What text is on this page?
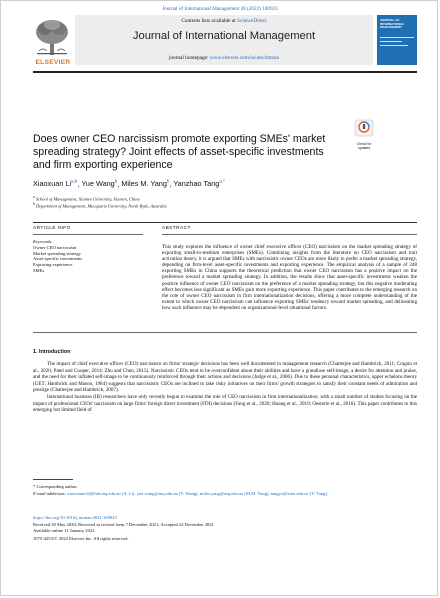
Journal of International Management 28 (2022) 100923
ELSEVIER
Contents lists available at ScienceDirect
Journal of International Management
journal homepage: www.elsevier.com/locate/intman
JOURNAL OF INTERNATIONAL MANAGEMENT
Does owner CEO narcissism promote exporting SMEs' market spreading strategy? Joint effects of asset-specific investments and firm exporting experience
Check for updates
Xiaoxuan Li$^{a,b}$, Yue Wang$^b$, Miles M. Yang$^b$, Yanzhao Tang$^{a,*}$
$^a$ School of Management, Xiamen University, Xiamen, China
$^b$ Department of Management, Macquarie University, North Ryde, Australia
ARTICLE INFO	ABSTRACT
Keywords:
Owner CEO narcissism
Market spreading strategy
Asset-specific investments
Exporting experience
SMEs
This study explores the influence of owner chief executive officer (CEO) narcissism on the market spreading strategy of exporting small-to-medium enterprises (SMEs). Combining insights from the literature on CEO narcissism and trait activation theory, it is argued that SMEs with narcissistic owner CEOs are more likely to prefer a market spreading strategy, depending on firm-level asset-specific investments and exporting experience. The empirical analysis of a sample of 248 exporting SMEs in China supports the theoretical prediction that owner CEO narcissism has a positive impact on the preference toward a market spreading strategy. In addition, the results show that asset-specific investments weaken the positive influence of owner CEO narcissism on the preference of a market spreading strategy, but this negative moderating effect becomes less significant as SMEs gain more exporting experience. This paper contributes to the emerging research on the role of owner CEO narcissism in firm internationalization decisions, offering a more complete understanding of the extent to which owner CEO narcissism can influence exporting SMEs' tendency toward market spreading, and delineating how such influence may be dependent on organizational-level situational factors.
1. Introduction

The impact of chief executive officer (CEO) narcissism on firms' strategic decisions has been well documented in management research (Chatterjee and Hambrick, 2011; Cragun et al., 2020; Patel and Cooper, 2014; Zhu and Chen, 2015). Narcissistic CEOs tend to be overconfident about their abilities and have a grandiose self-image, a desire for attention and praise, and the need for their inflated self-image to be continuously reinforced through their actions and decisions (Judge et al., 2006). Due to these personal characteristics, upper echelons theory (UET; Hambrick and Mason, 1984) suggests that narcissistic CEOs are inclined to take risky initiatives on their firms' growth strategies to satisfy their constant needs of admiration and prestige (Chatterjee and Hambrick, 2007).

International business (IB) researchers have only recently begun to examine the role of CEO narcissism in firm internationalization, with a small number of studies focusing on the impact of professional CEOs' narcissism on large firms' foreign direct investment (FDI) decisions (Fang et al., 2020; Huang et al., 2019; Oesterle et al., 2016). This paper contributes to this emerging but limited field of

* Corresponding author.
E-mail addresses: xiaoxuan.li2@hdr.mq.edu.au (X. Li), yue.wang@mq.edu.au (Y. Wang), miles.yang@mq.edu.au (M.M. Yang), tangyz@xmu.edu.cn (Y. Tang).
https://doi.org/10.1016/j.intman.2021.100923
Received 30 May 2020; Received in revised form 7 December 2021; Accepted 22 December 2021
Available online 11 January 2022
1075-4253/© 2022 Elsevier Inc. All rights reserved.
